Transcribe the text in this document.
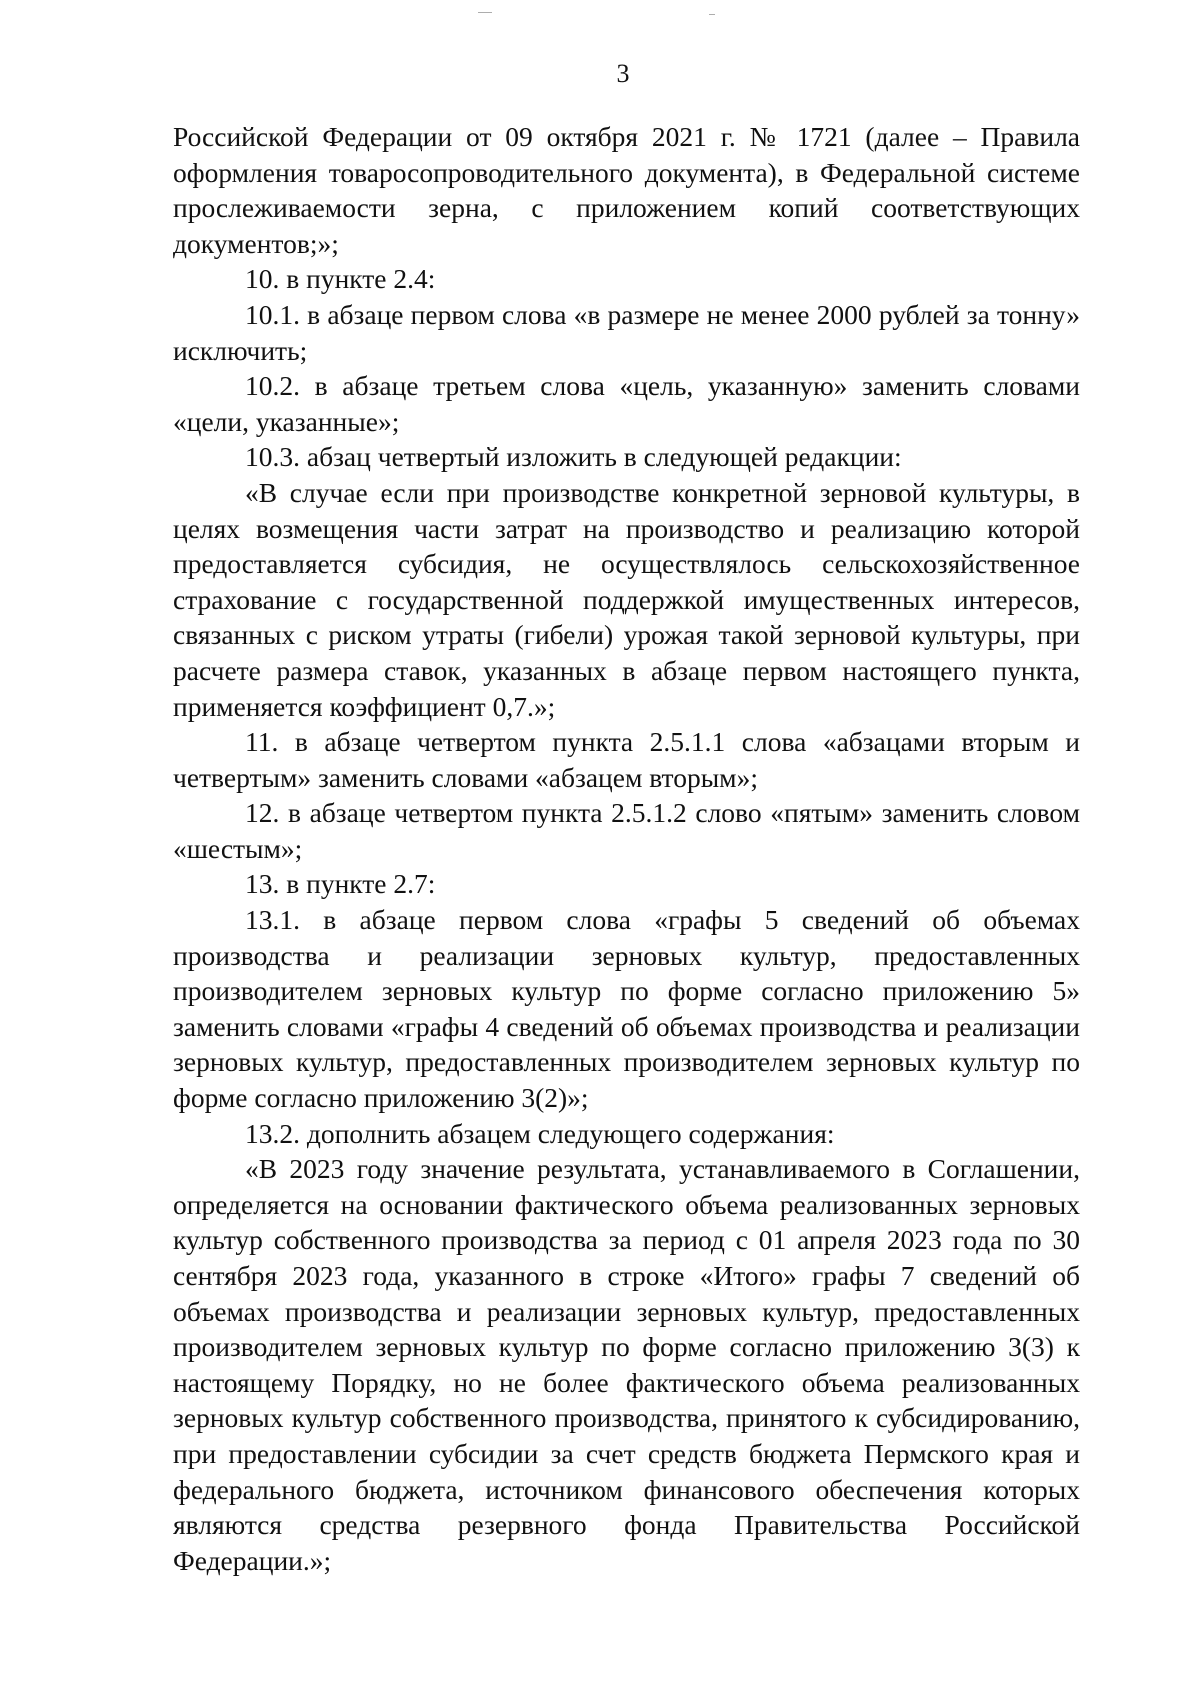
3

Российской Федерации от 09 октября 2021 г. № 1721 (далее – Правила оформления товаросопроводительного документа), в Федеральной системе прослеживаемости зерна, с приложением копий соответствующих документов;»;

10. в пункте 2.4:

10.1. в абзаце первом слова «в размере не менее 2000 рублей за тонну» исключить;

10.2. в абзаце третьем слова «цель, указанную» заменить словами «цели, указанные»;

10.3. абзац четвертый изложить в следующей редакции:

«В случае если при производстве конкретной зерновой культуры, в целях возмещения части затрат на производство и реализацию которой предоставляется субсидия, не осуществлялось сельскохозяйственное страхование с государственной поддержкой имущественных интересов, связанных с риском утраты (гибели) урожая такой зерновой культуры, при расчете размера ставок, указанных в абзаце первом настоящего пункта, применяется коэффициент 0,7.»;

11. в абзаце четвертом пункта 2.5.1.1 слова «абзацами вторым и четвертым» заменить словами «абзацем вторым»;

12. в абзаце четвертом пункта 2.5.1.2 слово «пятым» заменить словом «шестым»;

13. в пункте 2.7:

13.1. в абзаце первом слова «графы 5 сведений об объемах производства и реализации зерновых культур, предоставленных производителем зерновых культур по форме согласно приложению 5» заменить словами «графы 4 сведений об объемах производства и реализации зерновых культур, предоставленных производителем зерновых культур по форме согласно приложению 3(2)»;

13.2. дополнить абзацем следующего содержания:

«В 2023 году значение результата, устанавливаемого в Соглашении, определяется на основании фактического объема реализованных зерновых культур собственного производства за период с 01 апреля 2023 года по 30 сентября 2023 года, указанного в строке «Итого» графы 7 сведений об объемах производства и реализации зерновых культур, предоставленных производителем зерновых культур по форме согласно приложению 3(3) к настоящему Порядку, но не более фактического объема реализованных зерновых культур собственного производства, принятого к субсидированию, при предоставлении субсидии за счет средств бюджета Пермского края и федерального бюджета, источником финансового обеспечения которых являются средства резервного фонда Правительства Российской Федерации.»;
